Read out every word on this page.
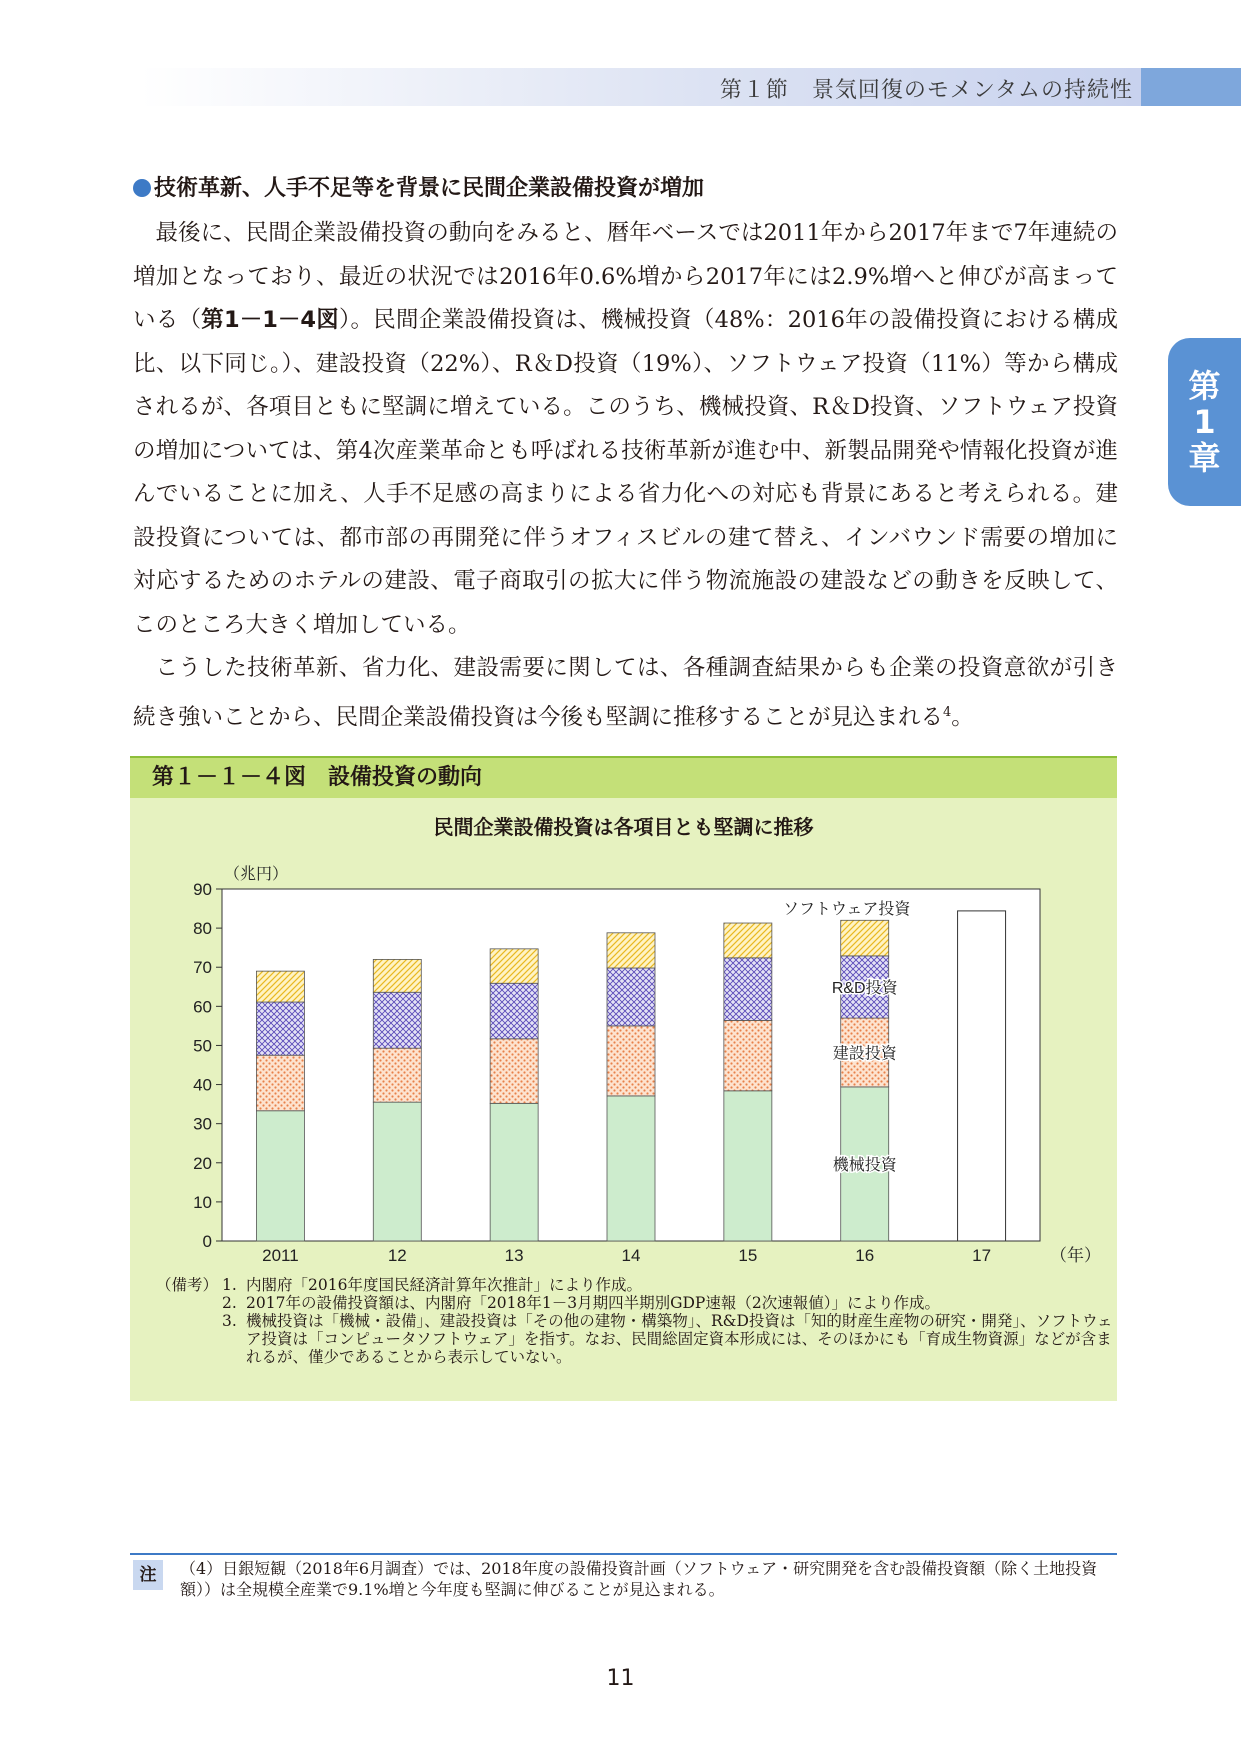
第１節　景気回復のモメンタムの持続性
第
1
章
技術革新、人手不足等を背景に民間企業設備投資が増加

最後に、民間企業設備投資の動向をみると、暦年ベースでは2011年から2017年まで7年連続の増加となっており、最近の状況では2016年0.6%増から2017年には2.9%増へと伸びが高まっている（第1－1－4図）。民間企業設備投資は、機械投資（48%：2016年の設備投資における構成比、以下同じ。）、建設投資（22%）、R＆D投資（19%）、ソフトウェア投資（11%）等から構成されるが、各項目ともに堅調に増えている。このうち、機械投資、R＆D投資、ソフトウェア投資の増加については、第4次産業革命とも呼ばれる技術革新が進む中、新製品開発や情報化投資が進んでいることに加え、人手不足感の高まりによる省力化への対応も背景にあると考えられる。建設投資については、都市部の再開発に伴うオフィスビルの建て替え、インバウンド需要の増加に対応するためのホテルの建設、電子商取引の拡大に伴う物流施設の建設などの動きを反映して、このところ大きく増加している。

こうした技術革新、省力化、建設需要に関しては、各種調査結果からも企業の投資意欲が引き続き強いことから、民間企業設備投資は今後も堅調に推移することが見込まれる$^4$。

第１－１－４図　設備投資の動向
民間企業設備投資は各項目とも堅調に推移
0
10
20
30
40
50
60
70
80
90
（兆円）
2011	12	13	14	15	16	17	（年）
機械投資
建設投資
R&D投資
ソフトウェア投資
（備考） 1. 内閣府「2016年度国民経済計算年次推計」により作成。
2. 2017年の設備投資額は、内閣府「2018年1－3月期四半期別GDP速報（2次速報値）」により作成。
3. 機械投資は「機械・設備」、建設投資は「その他の建物・構築物」、R&D投資は「知的財産生産物の研究・開発」、ソフトウェア投資は「コンピュータソフトウェア」を指す。なお、民間総固定資本形成には、そのほかにも「育成生物資源」などが含まれるが、僅少であることから表示していない。
注	（4）日銀短観（2018年6月調査）では、2018年度の設備投資計画（ソフトウェア・研究開発を含む設備投資額（除く土地投資額））は全規模全産業で9.1%増と今年度も堅調に伸びることが見込まれる。
11
